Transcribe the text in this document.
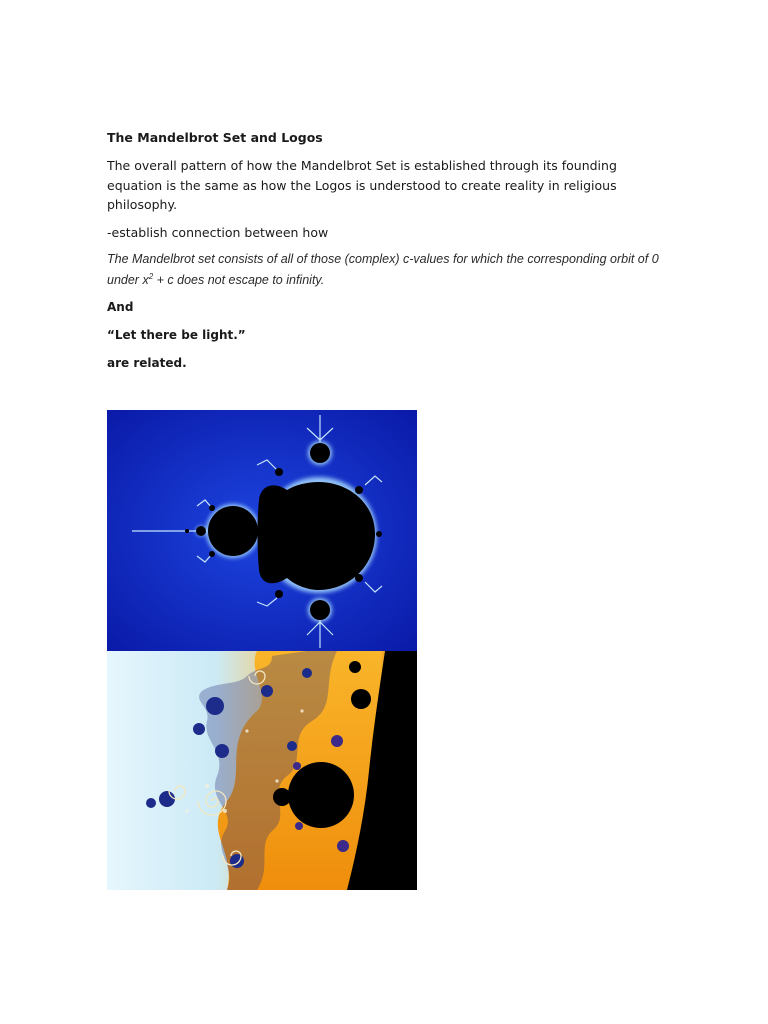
The Mandelbrot Set and Logos

The overall pattern of how the Mandelbrot Set is established through its founding equation is the same as how the Logos is understood to create reality in religious philosophy.

-establish connection between how

The Mandelbrot set consists of all of those (complex) c-values for which the corresponding orbit of 0 under $x^2 + c$ does not escape to infinity.

And

“Let there be light.”

are related.
